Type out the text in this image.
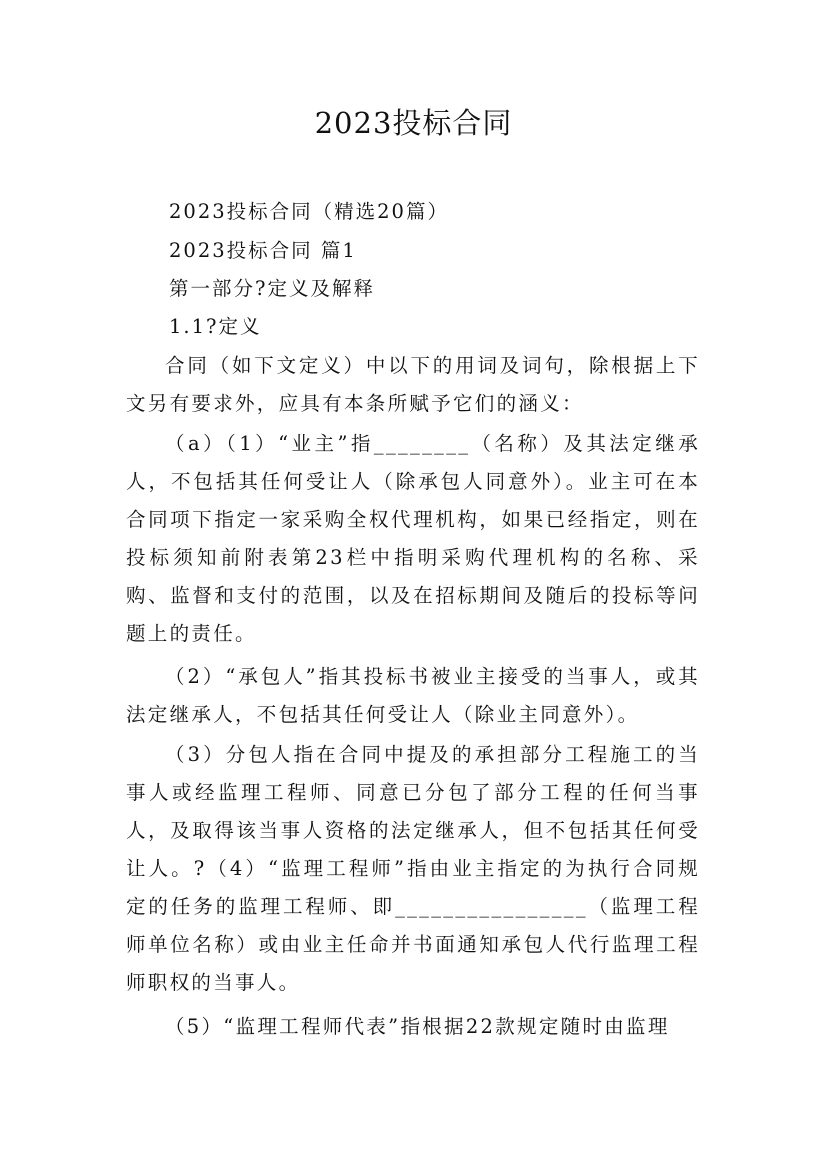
2023投标合同
2023投标合同（精选20篇）
2023投标合同 篇1
第一部分?定义及解释
1.1?定义

合同（如下文定义）中以下的用词及词句，除根据上下文另有要求外，应具有本条所赋予它们的涵义：

（a）（1）“业主”指________（名称）及其法定继承人，不包括其任何受让人（除承包人同意外）。业主可在本合同项下指定一家采购全权代理机构，如果已经指定，则在投标须知前附表第23栏中指明采购代理机构的名称、采购、监督和支付的范围，以及在招标期间及随后的投标等问题上的责任。

（2）“承包人”指其投标书被业主接受的当事人，或其法定继承人，不包括其任何受让人（除业主同意外）。

（3）分包人指在合同中提及的承担部分工程施工的当事人或经监理工程师、同意已分包了部分工程的任何当事人，及取得该当事人资格的法定继承人，但不包括其任何受让人。?（4）“监理工程师”指由业主指定的为执行合同规定的任务的监理工程师、即________________（监理工程师单位名称）或由业主任命并书面通知承包人代行监理工程师职权的当事人。

（5）“监理工程师代表”指根据22款规定随时由监理
